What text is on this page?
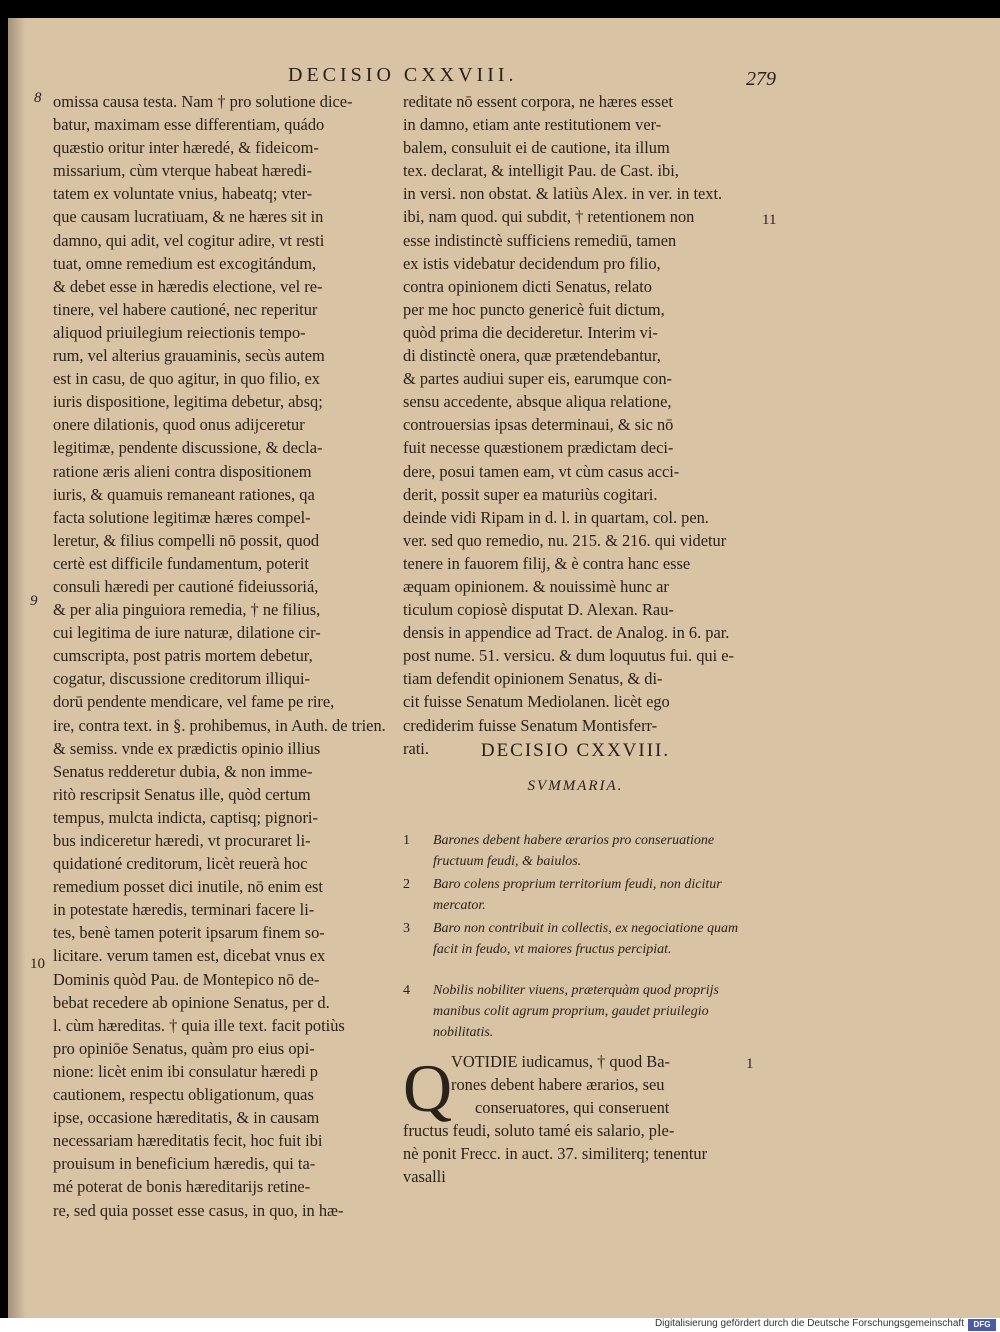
DECISIO CXXVIII.	279
8
9
10
11
1
omissa causa testa. Nam † pro solutione dice-
batur, maximam esse differentiam, quádo
quæstio oritur inter hæredé, & fideicom-
missarium, cùm vterque habeat hæredi-
tatem ex voluntate vnius, habeatq; vter-
que causam lucratiuam, & ne hæres sit in
damno, qui adit, vel cogitur adire, vt resti
tuat, omne remedium est excogitándum,
& debet esse in hæredis electione, vel re-
tinere, vel habere cautioné, nec reperitur
aliquod priuilegium reiectionis tempo-
rum, vel alterius grauaminis, secùs autem
est in casu, de quo agitur, in quo filio, ex
iuris dispositione, legitima debetur, absq;
onere dilationis, quod onus adijceretur
legitimæ, pendente discussione, & decla-
ratione æris alieni contra dispositionem
iuris, & quamuis remaneant rationes, qa
facta solutione legitimæ hæres compel-
leretur, & filius compelli nō possit, quod
certè est difficile fundamentum, poterit
consuli hæredi per cautioné fideiussoriá,
& per alia pinguiora remedia, † ne filius,
cui legitima de iure naturæ, dilatione cir-
cumscripta, post patris mortem debetur,
cogatur, discussione creditorum illiqui-
dorū pendente mendicare, vel fame pe rire,
ire, contra text. in §. prohibemus, in Auth. de trien.
& semiss. vnde ex prædictis opinio illius
Senatus redderetur dubia, & non imme-
ritò rescripsit Senatus ille, quòd certum
tempus, mulcta indicta, captisq; pignori-
bus indiceretur hæredi, vt procuraret li-
quidationé creditorum, licèt reuerà hoc
remedium posset dici inutile, nō enim est
in potestate hæredis, terminari facere li-
tes, benè tamen poterit ipsarum finem so-
licitare. verum tamen est, dicebat vnus ex
Dominis quòd Pau. de Montepico nō de-
bebat recedere ab opinione Senatus, per d.
l. cùm hæreditas. † quia ille text. facit potiùs
pro opiniōe Senatus, quàm pro eius opi-
nione: licèt enim ibi consulatur hæredi p
cautionem, respectu obligationum, quas
ipse, occasione hæreditatis, & in causam
necessariam hæreditatis fecit, hoc fuit ibi
prouisum in beneficium hæredis, qui ta-
mé poterat de bonis hæreditarijs retine-
re, sed quia posset esse casus, in quo, in hæ-
reditate nō essent corpora, ne hæres esset
in damno, etiam ante restitutionem ver-
balem, consuluit ei de cautione, ita illum
tex. declarat, & intelligit Pau. de Cast. ibi,
in versi. non obstat. & latiùs Alex. in ver. in text.
ibi, nam quod. qui subdit, † retentionem non
esse indistinctè sufficiens remediū, tamen
ex istis videbatur decidendum pro filio,
contra opinionem dicti Senatus, relato
per me hoc puncto genericè fuit dictum,
quòd prima die decideretur. Interim vi-
di distinctè onera, quæ prætendebantur,
& partes audiui super eis, earumque con-
sensu accedente, absque aliqua relatione,
controuersias ipsas determinaui, & sic nō
fuit necesse quæstionem prædictam deci-
dere, posui tamen eam, vt cùm casus acci-
derit, possit super ea maturiùs cogitari.
deinde vidi Ripam in d. l. in quartam, col. pen.
ver. sed quo remedio, nu. 215. & 216. qui videtur
tenere in fauorem filij, & è contra hanc esse
æquam opinionem. & nouissimè hunc ar
ticulum copiosè disputat D. Alexan. Rau-
densis in appendice ad Tract. de Analog. in 6. par.
post nume. 51. versicu. & dum loquutus fui. qui e-
tiam defendit opinionem Senatus, & di-
cit fuisse Senatum Mediolanen. licèt ego
crediderim fuisse Senatum Montisferr-
rati.	DECISIO CXXVIII.
SVMMARIA.
1 Barones debent habere ærarios pro conseruatione fructuum feudi, & baiulos.
2 Baro colens proprium territorium feudi, non dicitur mercator.
3 Baro non contribuit in collectis, ex negociatione quam facit in feudo, vt maiores fructus percipiat.
4 Nobilis nobiliter viuens, præterquàm quod proprijs manibus colit agrum proprium, gaudet priuilegio nobilitatis.
Q
VOTIDIE iudicamus, † quod Ba-
rones debent habere ærarios, seu
conseruatores, qui conseruent
fructus feudi, soluto tamé eis salario, ple-
nè ponit Frecc. in auct. 37. similiterq; tenentur
vasalli
Digitalisierung gefördert durch die Deutsche Forschungsgemeinschaft	DFG
